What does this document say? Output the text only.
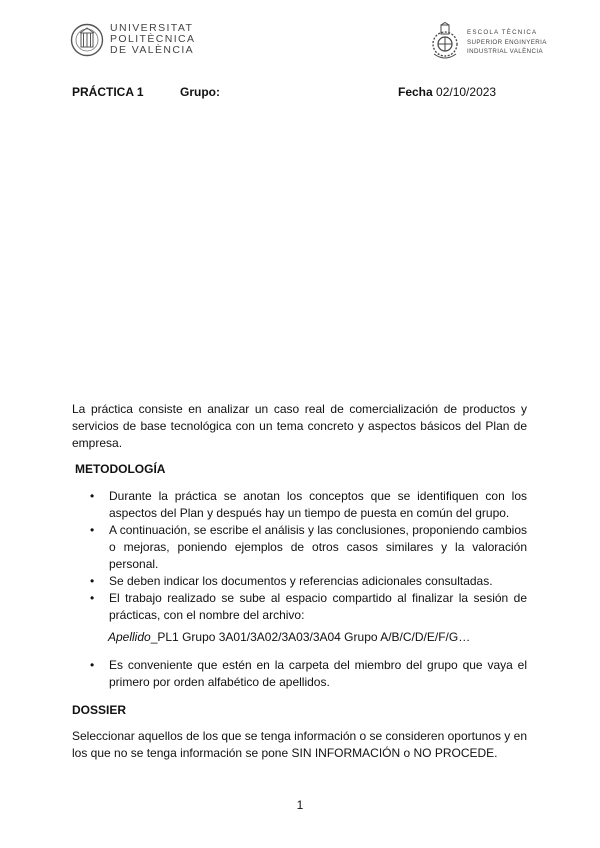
UNIVERSITAT
POLITÈCNICA
DE VALÈNCIA
ESCOLA TÈCNICA
SUPERIOR ENGINYERIA
INDUSTRIAL VALÈNCIA
PRÁCTICA 1	Grupo:	Fecha 02/10/2023

La práctica consiste en analizar un caso real de comercialización de productos y servicios de base tecnológica con un tema concreto y aspectos básicos del Plan de empresa.

METODOLOGÍA
• Durante la práctica se anotan los conceptos que se identifiquen con los aspectos del Plan y después hay un tiempo de puesta en común del grupo.
• A continuación, se escribe el análisis y las conclusiones, proponiendo cambios o mejoras, poniendo ejemplos de otros casos similares y la valoración personal.
• Se deben indicar los documentos y referencias adicionales consultadas.
• El trabajo realizado se sube al espacio compartido al finalizar la sesión de prácticas, con el nombre del archivo:
Apellido_PL1 Grupo 3A01/3A02/3A03/3A04 Grupo A/B/C/D/E/F/G…
• Es conveniente que estén en la carpeta del miembro del grupo que vaya el primero por orden alfabético de apellidos.
DOSSIER

Seleccionar aquellos de los que se tenga información o se consideren oportunos y en los que no se tenga información se pone SIN INFORMACIÓN o NO PROCEDE.

1
